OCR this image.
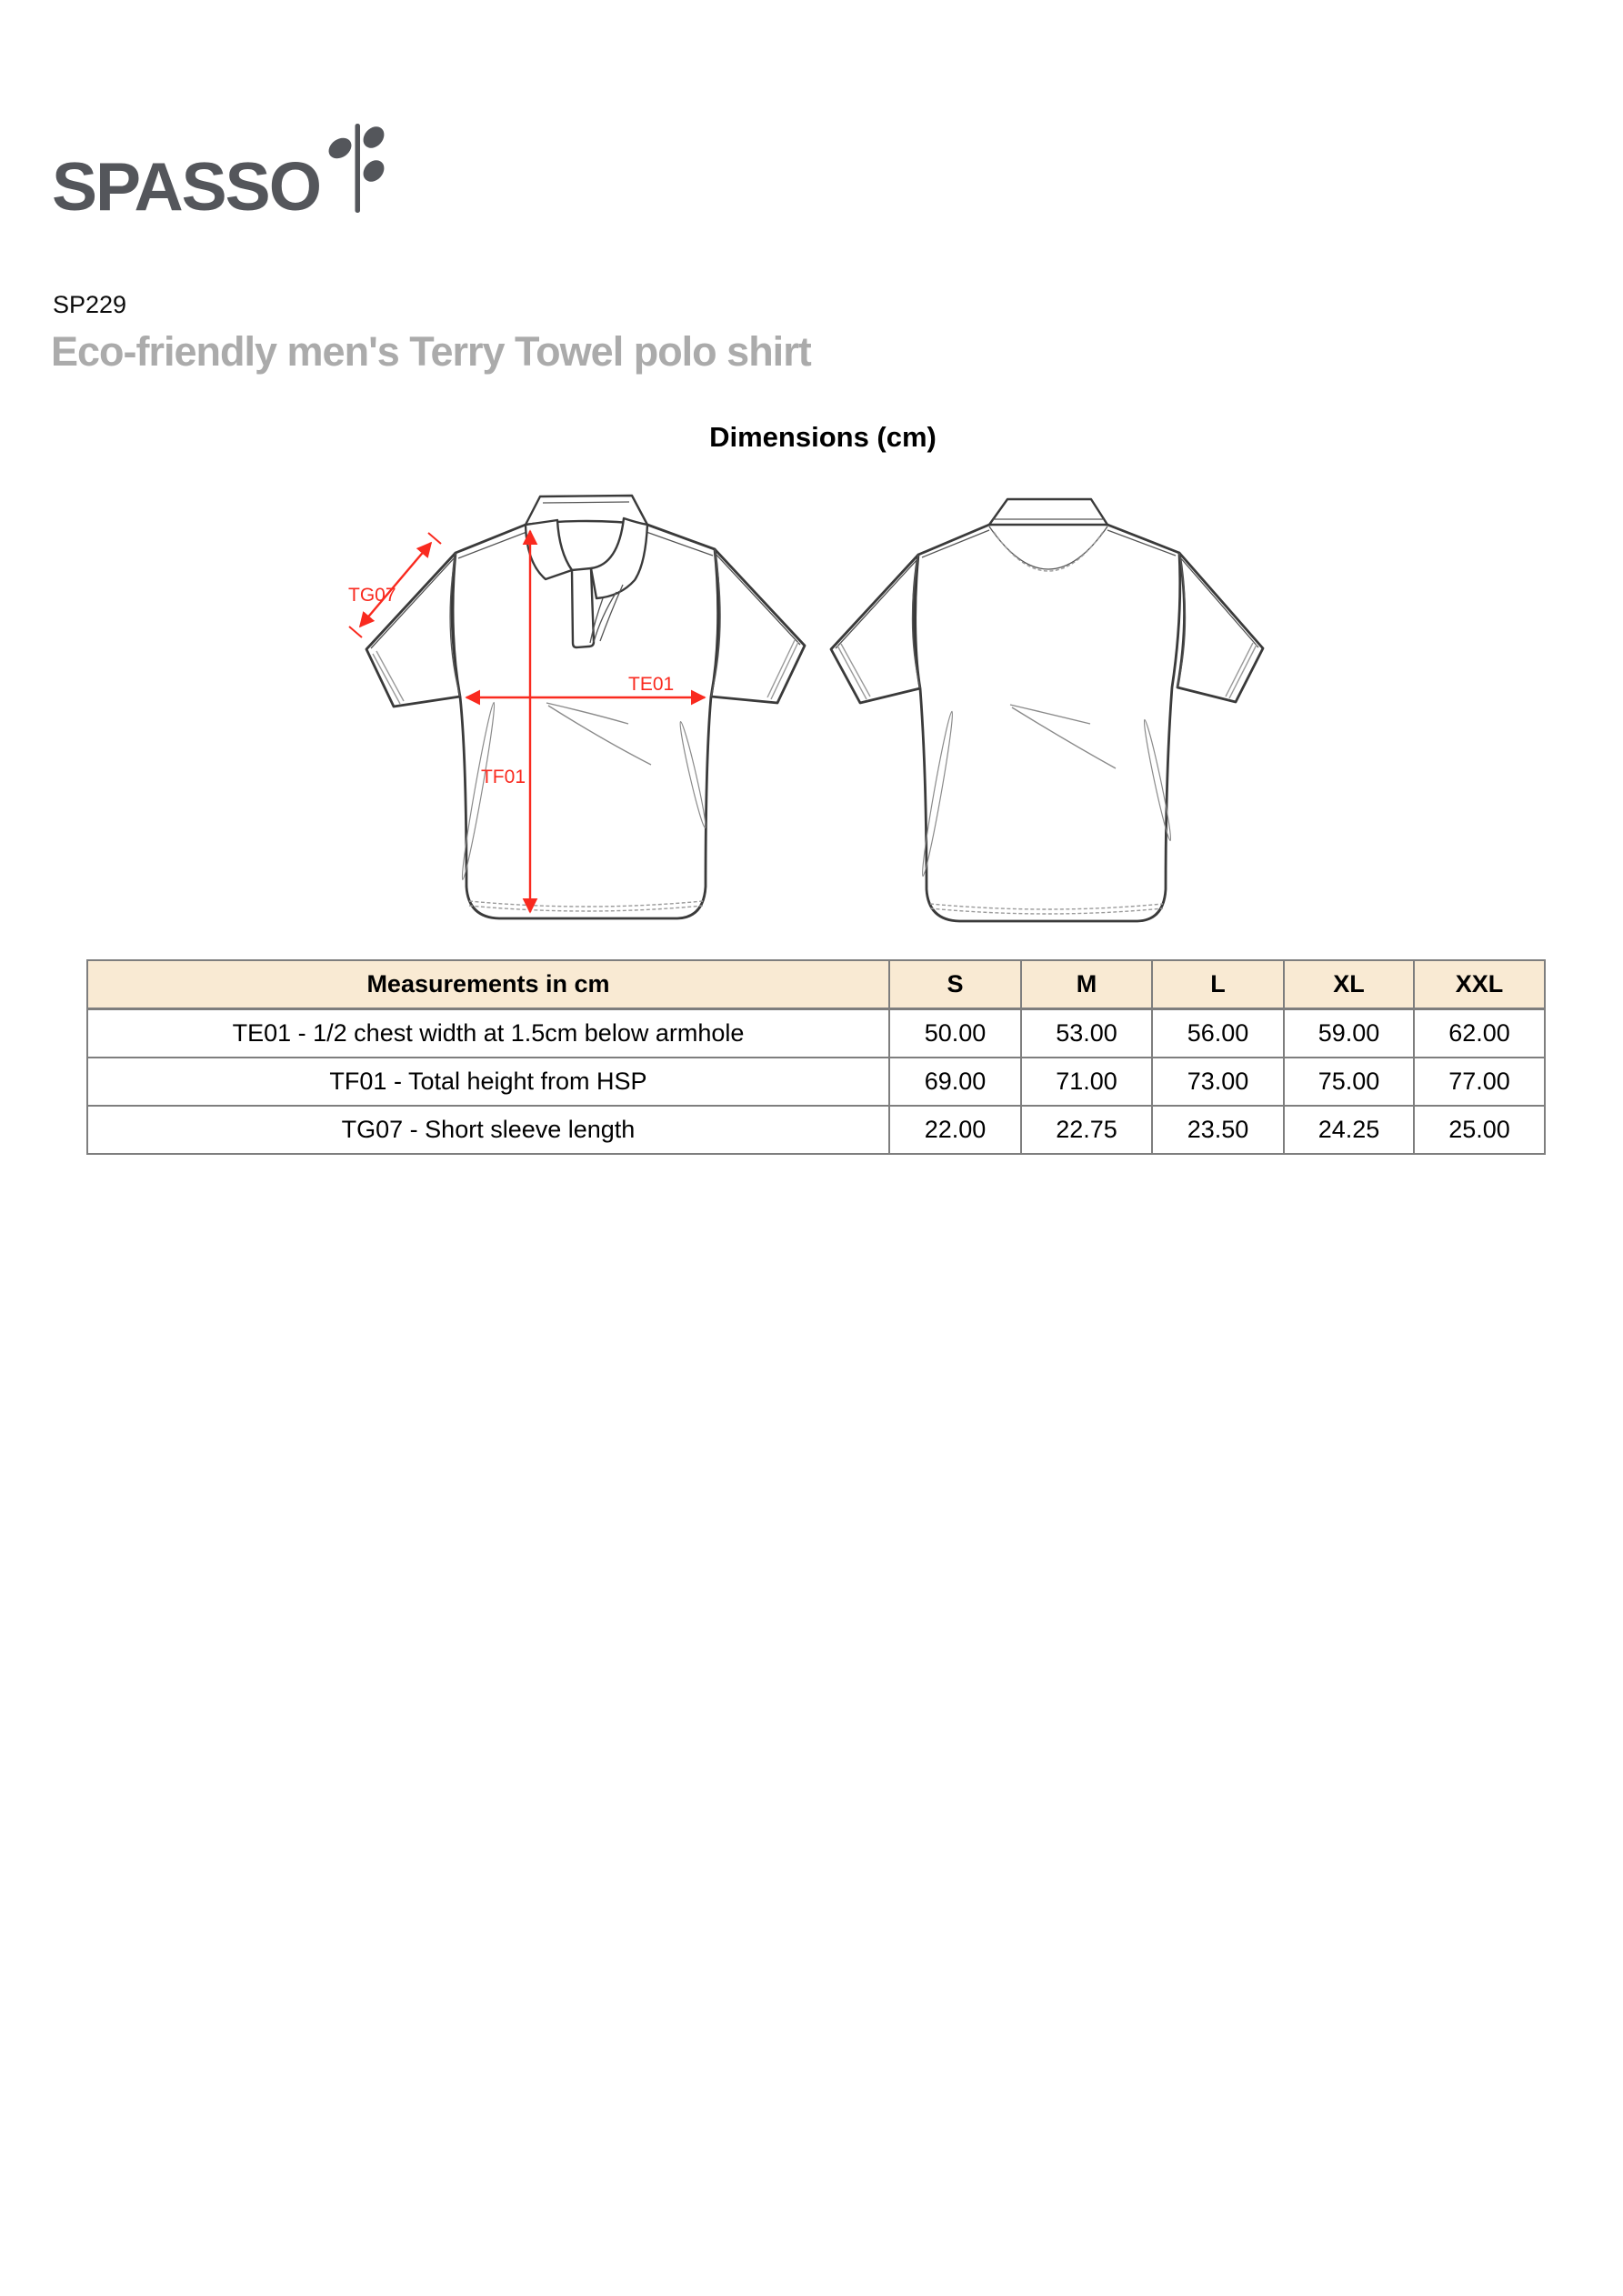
SPASSO
SP229
Eco-friendly men's Terry Towel polo shirt
Dimensions (cm)
TG07
TE01
TF01
Measurements in cm	S	M	L	XL	XXL
TE01 - 1/2 chest width at 1.5cm below armhole	50.00	53.00	56.00	59.00	62.00
TF01 - Total height from HSP	69.00	71.00	73.00	75.00	77.00
TG07 - Short sleeve length	22.00	22.75	23.50	24.25	25.00
